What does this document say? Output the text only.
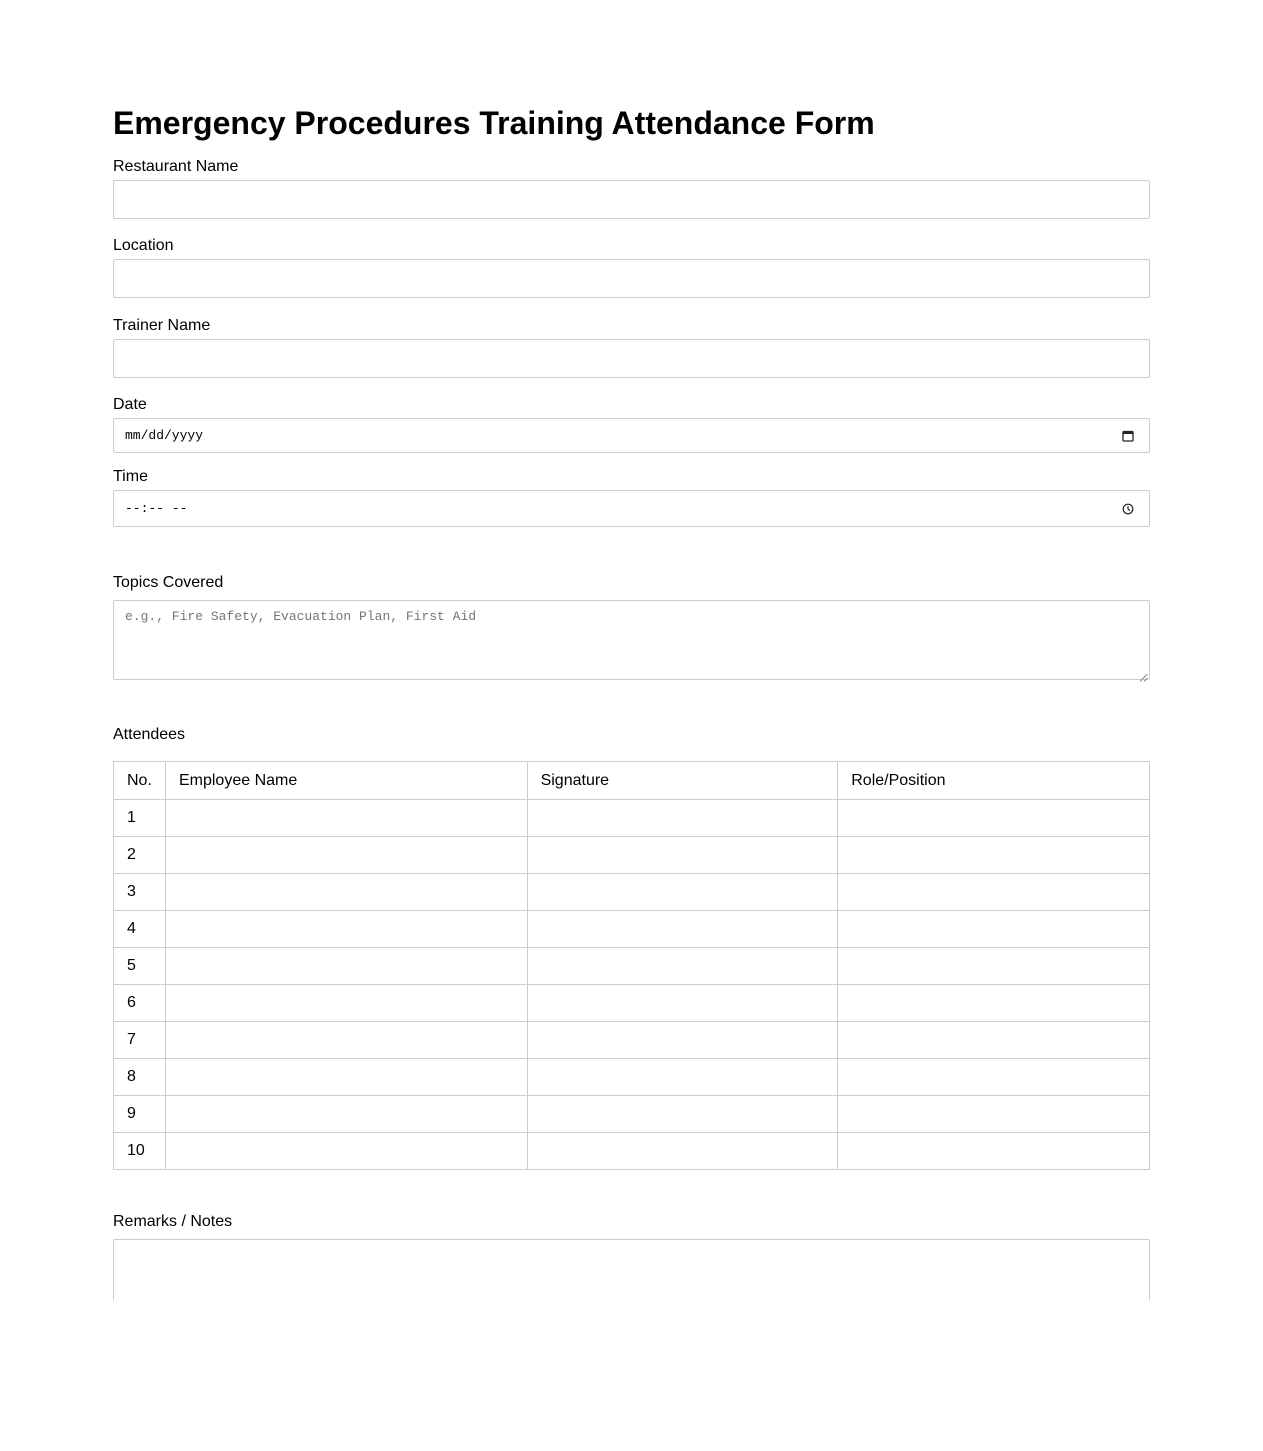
Emergency Procedures Training Attendance Form
Restaurant Name
Location
Trainer Name
Date
mm/dd/yyyy
Time
--:-- --
Topics Covered
e.g., Fire Safety, Evacuation Plan, First Aid
Attendees
No.	Employee Name	Signature	Role/Position
1			
2			
3			
4			
5			
6			
7			
8			
9			
10			
Remarks / Notes
